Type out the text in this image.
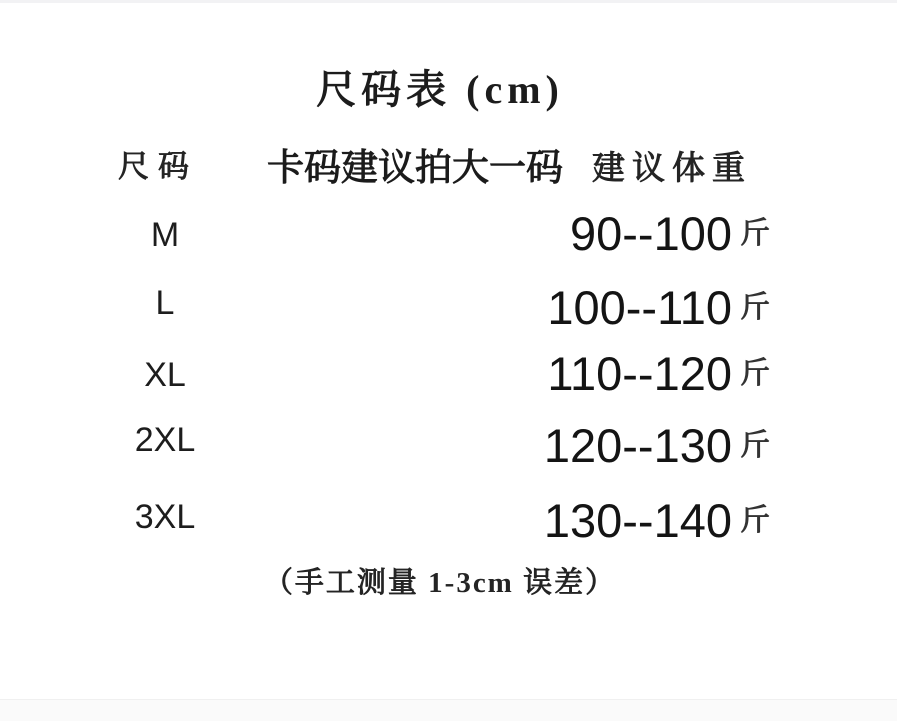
尺码表 (cm)
尺码 卡码建议拍大一码 建议体重
M	90--100 斤
L	100--110 斤
XL	110--120 斤
2XL	120--130 斤
3XL	130--140 斤
（手工测量 1-3cm 误差）
